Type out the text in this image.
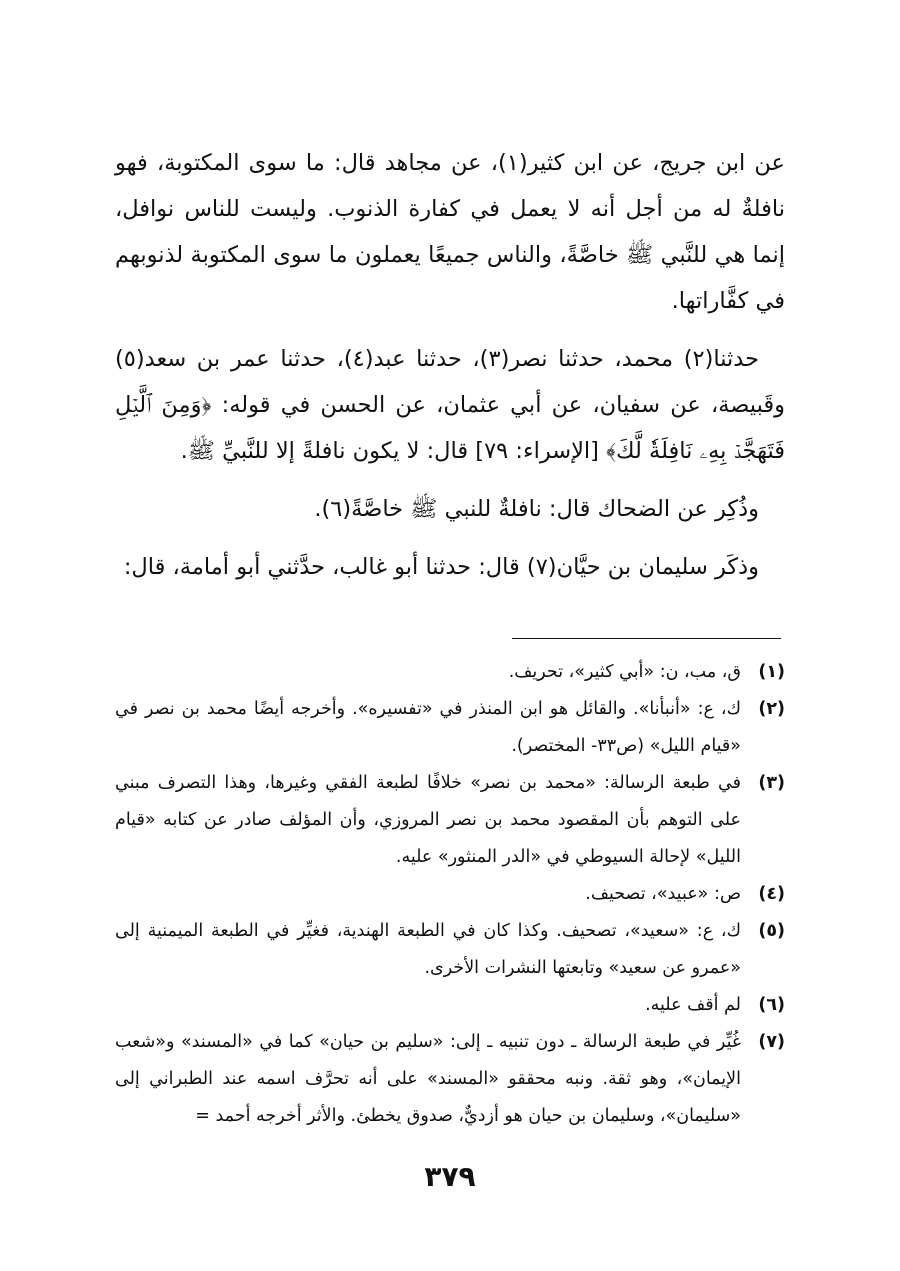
عن ابن جريج، عن ابن كثير(١)، عن مجاهد قال: ما سوى المكتوبة، فهو نافلةٌ له من أجل أنه لا يعمل في كفارة الذنوب. وليست للناس نوافل، إنما هي للنَّبي ﷺ خاصَّةً، والناس جميعًا يعملون ما سوى المكتوبة لذنوبهم في كفَّاراتها.

حدثنا(٢) محمد، حدثنا نصر(٣)، حدثنا عبد(٤)، حدثنا عمر بن سعد(٥) وقَبيصة، عن سفيان، عن أبي عثمان، عن الحسن في قوله: ﴿وَمِنَ ٱلَّيۡلِ فَتَهَجَّدۡ بِهِۦ نَافِلَةٗ لَّكَ﴾ [الإسراء: ٧٩] قال: لا يكون نافلةً إلا للنَّبيِّ ﷺ.

وذُكِر عن الضحاك قال: نافلةٌ للنبي ﷺ خاصَّةً(٦).

وذكَر سليمان بن حيَّان(٧) قال: حدثنا أبو غالب، حدَّثني أبو أمامة، قال:

(١)
ق، مب، ن: «أبي كثير»، تحريف.
(٢)
ك، ع: «أنبأنا». والقائل هو ابن المنذر في «تفسيره». وأخرجه أيضًا محمد بن نصر في «قيام الليل» (ص٣٣- المختصر).
(٣)
في طبعة الرسالة: «محمد بن نصر» خلافًا لطبعة الفقي وغيرها، وهذا التصرف مبني على التوهم بأن المقصود محمد بن نصر المروزي، وأن المؤلف صادر عن كتابه «قيام الليل» لإحالة السيوطي في «الدر المنثور» عليه.
(٤)
ص: «عبيد»، تصحيف.
(٥)
ك، ع: «سعيد»، تصحيف. وكذا كان في الطبعة الهندية، فغيِّر في الطبعة الميمنية إلى «عمرو عن سعيد» وتابعتها النشرات الأخرى.
(٦)
لم أقف عليه.
(٧)
غُيِّر في طبعة الرسالة ـ دون تنبيه ـ إلى: «سليم بن حيان» كما في «المسند» و«شعب الإيمان»، وهو ثقة. ونبه محققو «المسند» على أنه تحرَّف اسمه عند الطبراني إلى «سليمان»، وسليمان بن حيان هو أزديٌّ، صدوق يخطئ. والأثر أخرجه أحمد =
٣٧٩
